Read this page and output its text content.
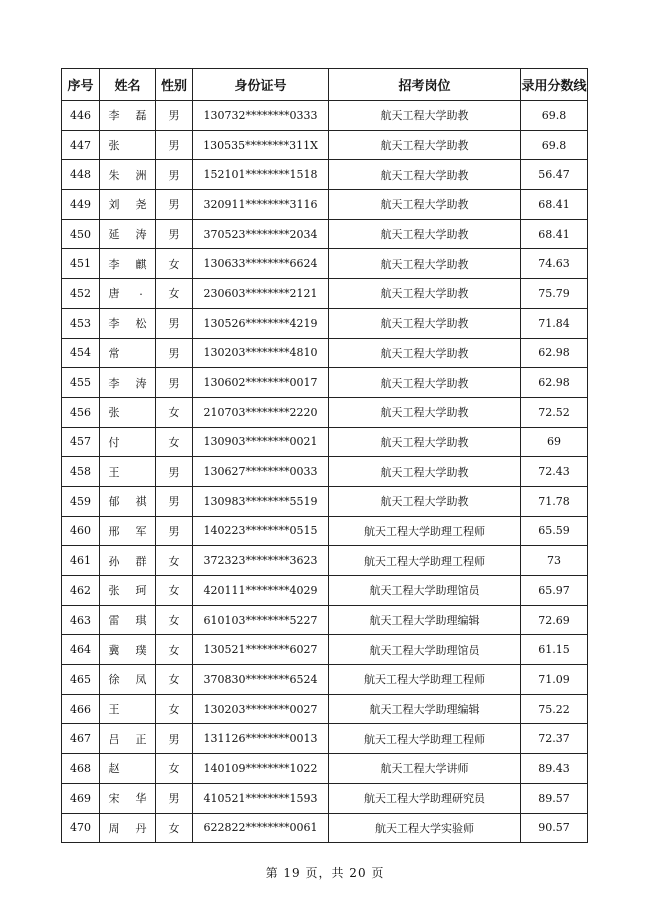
序号	姓名	性别	身份证号	招考岗位	录用分数线
446	李 磊	男	130732********0333	航天工程大学助教	69.8
447	张	男	130535********311X	航天工程大学助教	69.8
448	朱 洲	男	152101********1518	航天工程大学助教	56.47
449	刘 尧	男	320911********3116	航天工程大学助教	68.41
450	延 涛	男	370523********2034	航天工程大学助教	68.41
451	李 麒	女	130633********6624	航天工程大学助教	74.63
452	唐 .	女	230603********2121	航天工程大学助教	75.79
453	李 松	男	130526********4219	航天工程大学助教	71.84
454	常	男	130203********4810	航天工程大学助教	62.98
455	李 涛	男	130602********0017	航天工程大学助教	62.98
456	张	女	210703********2220	航天工程大学助教	72.52
457	付	女	130903********0021	航天工程大学助教	69
458	王	男	130627********0033	航天工程大学助教	72.43
459	郁 祺	男	130983********5519	航天工程大学助教	71.78
460	邢 军	男	140223********0515	航天工程大学助理工程师	65.59
461	孙 群	女	372323********3623	航天工程大学助理工程师	73
462	张 珂	女	420111********4029	航天工程大学助理馆员	65.97
463	雷 琪	女	610103********5227	航天工程大学助理编辑	72.69
464	冀 璞	女	130521********6027	航天工程大学助理馆员	61.15
465	徐 凤	女	370830********6524	航天工程大学助理工程师	71.09
466	王	女	130203********0027	航天工程大学助理编辑	75.22
467	吕 正	男	131126********0013	航天工程大学助理工程师	72.37
468	赵	女	140109********1022	航天工程大学讲师	89.43
469	宋 华	男	410521********1593	航天工程大学助理研究员	89.57
470	周 丹	女	622822********0061	航天工程大学实验师	90.57
第 19 页，共 20 页
